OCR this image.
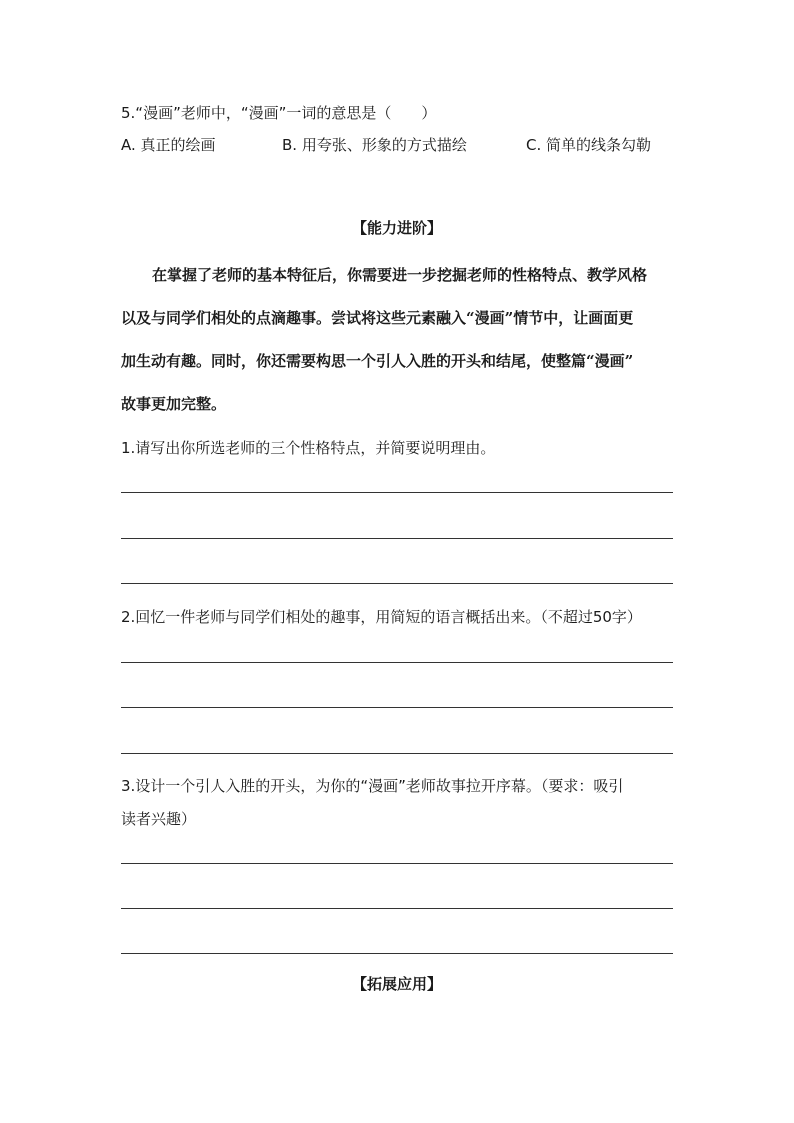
5.“漫画”老师中，“漫画”一词的意思是（　　）
A. 真正的绘画	B. 用夸张、形象的方式描绘	C. 简单的线条勾勒
【能力进阶】
在掌握了老师的基本特征后，你需要进一步挖掘老师的性格特点、教学风格
以及与同学们相处的点滴趣事。尝试将这些元素融入“漫画”情节中，让画面更
加生动有趣。同时，你还需要构思一个引人入胜的开头和结尾，使整篇“漫画”
故事更加完整。
1.请写出你所选老师的三个性格特点，并简要说明理由。
2.回忆一件老师与同学们相处的趣事，用简短的语言概括出来。（不超过50字）
3.设计一个引人入胜的开头，为你的“漫画”老师故事拉开序幕。（要求：吸引
读者兴趣）
【拓展应用】
